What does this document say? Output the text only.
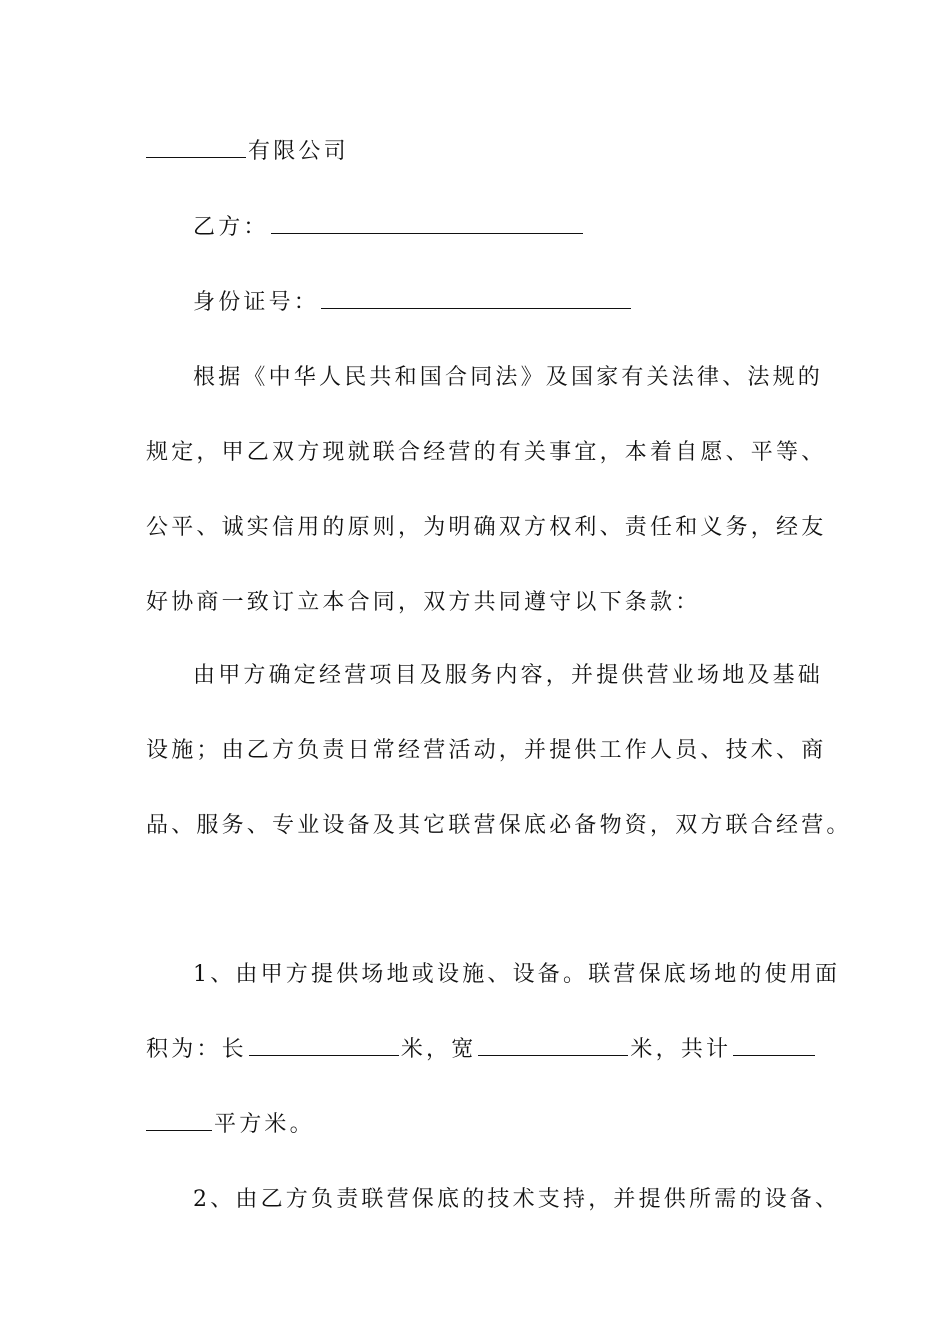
有限公司
乙方：
身份证号：
根据《中华人民共和国合同法》及国家有关法律、法规的
规定，甲乙双方现就联合经营的有关事宜，本着自愿、平等、
公平、诚实信用的原则，为明确双方权利、责任和义务，经友
好协商一致订立本合同，双方共同遵守以下条款：
由甲方确定经营项目及服务内容，并提供营业场地及基础
设施；由乙方负责日常经营活动，并提供工作人员、技术、商
品、服务、专业设备及其它联营保底必备物资，双方联合经营。
1、由甲方提供场地或设施、设备。联营保底场地的使用面
积为：长	米，宽	米，共计
平方米。
2、由乙方负责联营保底的技术支持，并提供所需的设备、
